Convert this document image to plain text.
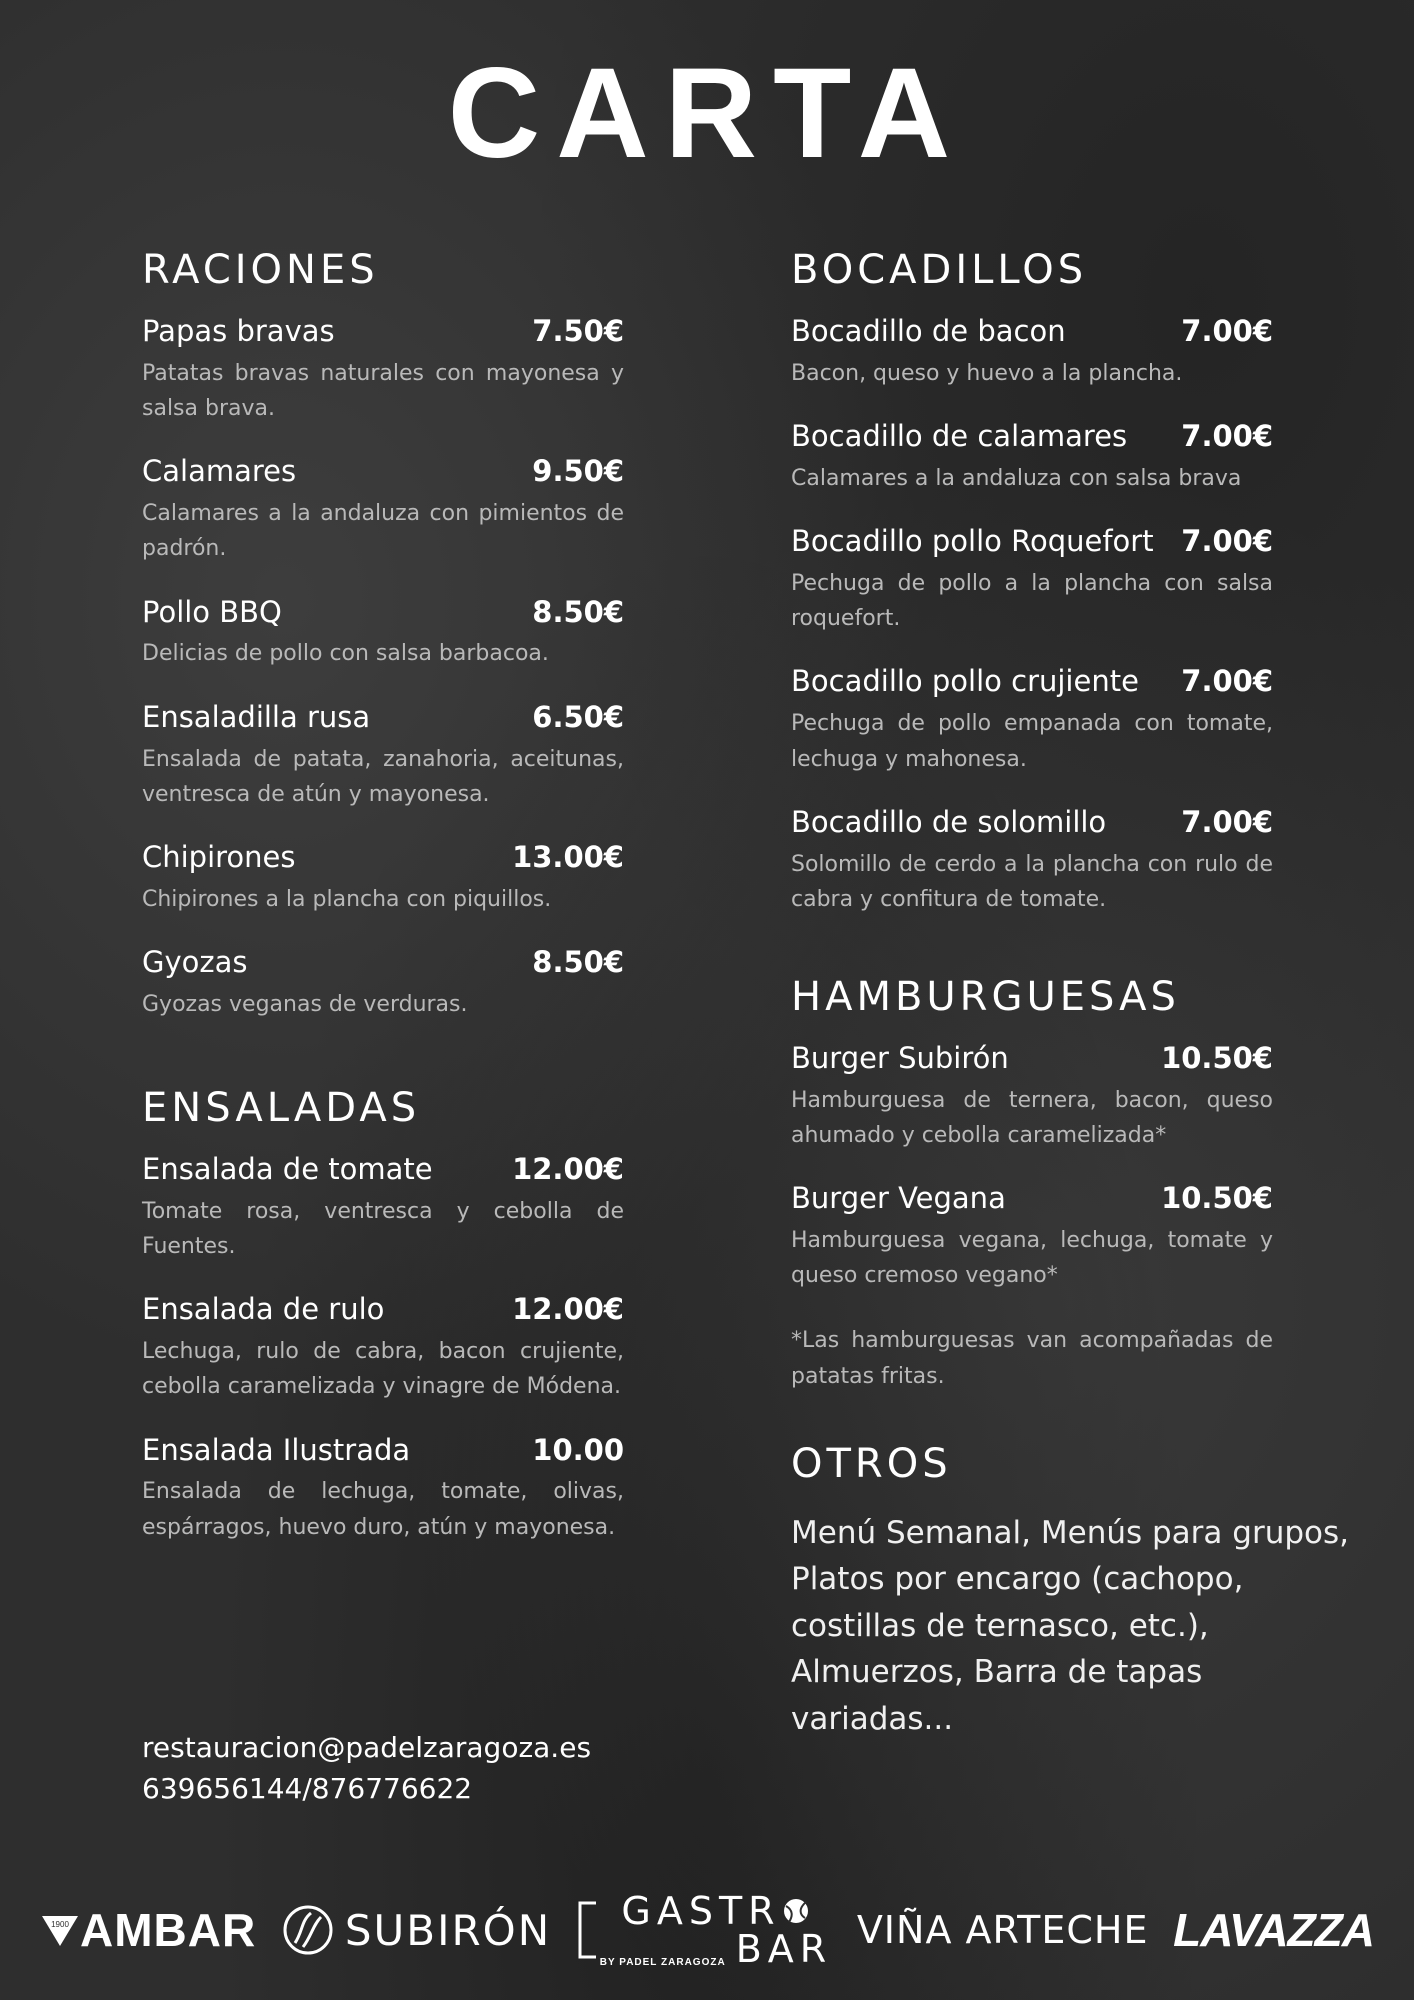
CARTA
RACIONES
Papas bravas	7.50€
Patatas bravas naturales con mayonesa y salsa brava.
Calamares	9.50€
Calamares a la andaluza con pimientos de padrón.
Pollo BBQ	8.50€
Delicias de pollo con salsa barbacoa.
Ensaladilla rusa	6.50€
Ensalada de patata, zanahoria, aceitunas, ventresca de atún y mayonesa.
Chipirones	13.00€
Chipirones a la plancha con piquillos.
Gyozas	8.50€
Gyozas veganas de verduras.
ENSALADAS
Ensalada de tomate	12.00€
Tomate rosa, ventresca y cebolla de Fuentes.
Ensalada de rulo	12.00€
Lechuga, rulo de cabra, bacon crujiente, cebolla caramelizada y vinagre de Módena.
Ensalada Ilustrada	10.00
Ensalada de lechuga, tomate, olivas, espárragos, huevo duro, atún y mayonesa.
BOCADILLOS
Bocadillo de bacon	7.00€
Bacon, queso y huevo a la plancha.
Bocadillo de calamares 7.00€
Calamares a la andaluza con salsa brava
Bocadillo pollo Roquefort 7.00€
Pechuga de pollo a la plancha con salsa roquefort.
Bocadillo pollo crujiente 7.00€
Pechuga de pollo empanada con tomate, lechuga y mahonesa.
Bocadillo de solomillo	7.00€
Solomillo de cerdo a la plancha con rulo de cabra y confitura de tomate.
HAMBURGUESAS
Burger Subirón	10.50€
Hamburguesa de ternera, bacon, queso ahumado y cebolla caramelizada*
Burger Vegana	10.50€
Hamburguesa vegana, lechuga, tomate y queso cremoso vegano*
*Las hamburguesas van acompañadas de patatas fritas.
OTROS
Menú Semanal, Menús para grupos, Platos por encargo (cachopo, costillas de ternasco, etc.), Almuerzos, Barra de tapas variadas...
restauracion@padelzaragoza.es
639656144/876776622
1900 AMBAR SUBIRÓN GASTR
BY PADEL ZARAGOZA BAR VIÑA ARTECHE LAVAZZA
